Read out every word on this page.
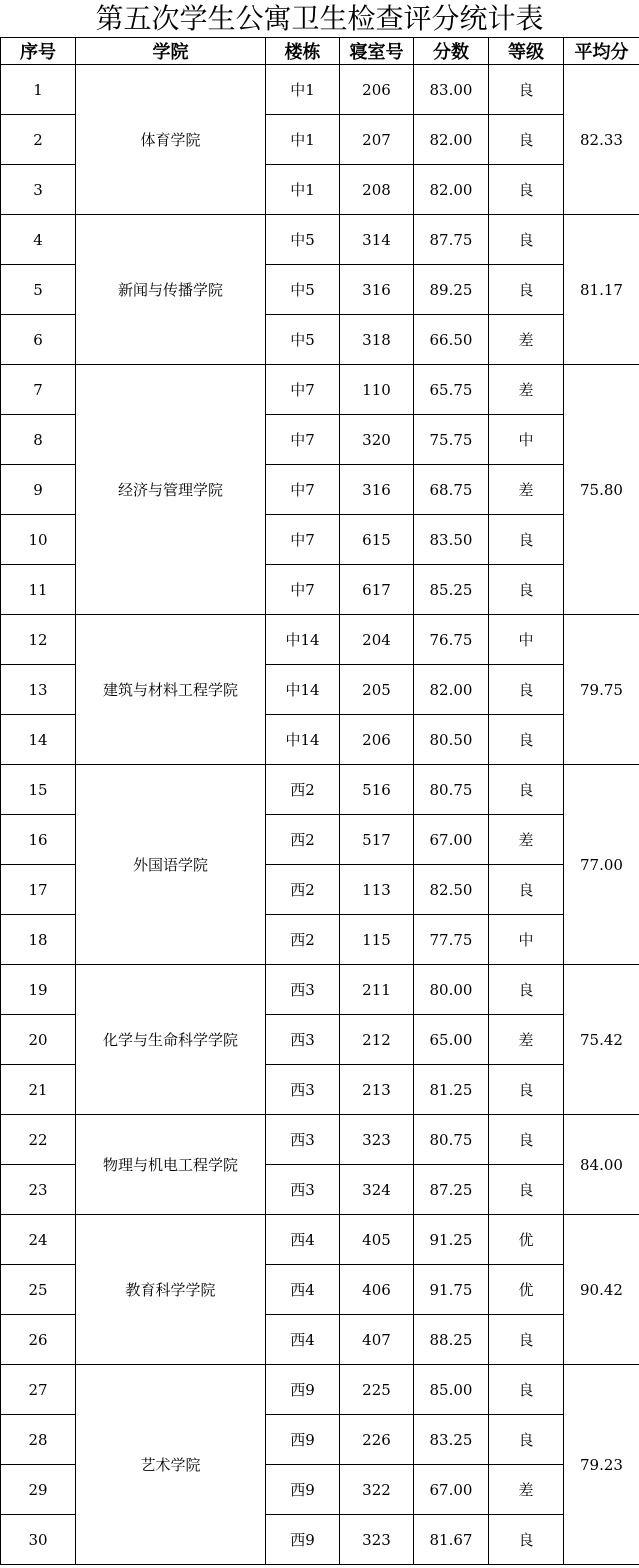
第五次学生公寓卫生检查评分统计表
序号	学院	楼栋	寝室号	分数	等级	平均分
1	体育学院	中1	206	83.00	良	82.33
2		中1	207	82.00	良	
3		中1	208	82.00	良	
4	新闻与传播学院	中5	314	87.75	良	81.17
5		中5	316	89.25	良	
6		中5	318	66.50	差	
7	经济与管理学院	中7	110	65.75	差	75.80
8		中7	320	75.75	中	
9		中7	316	68.75	差	
10		中7	615	83.50	良	
11		中7	617	85.25	良	
12	建筑与材料工程学院	中14	204	76.75	中	79.75
13		中14	205	82.00	良	
14		中14	206	80.50	良	
15	外国语学院	西2	516	80.75	良	77.00
16		西2	517	67.00	差	
17		西2	113	82.50	良	
18		西2	115	77.75	中	
19	化学与生命科学学院	西3	211	80.00	良	75.42
20		西3	212	65.00	差	
21		西3	213	81.25	良	
22	物理与机电工程学院	西3	323	80.75	良	84.00
23		西3	324	87.25	良	
24	教育科学学院	西4	405	91.25	优	90.42
25		西4	406	91.75	优	
26		西4	407	88.25	良	
27	艺术学院	西9	225	85.00	良	79.23
28		西9	226	83.25	良	
29		西9	322	67.00	差	
30		西9	323	81.67	良	
